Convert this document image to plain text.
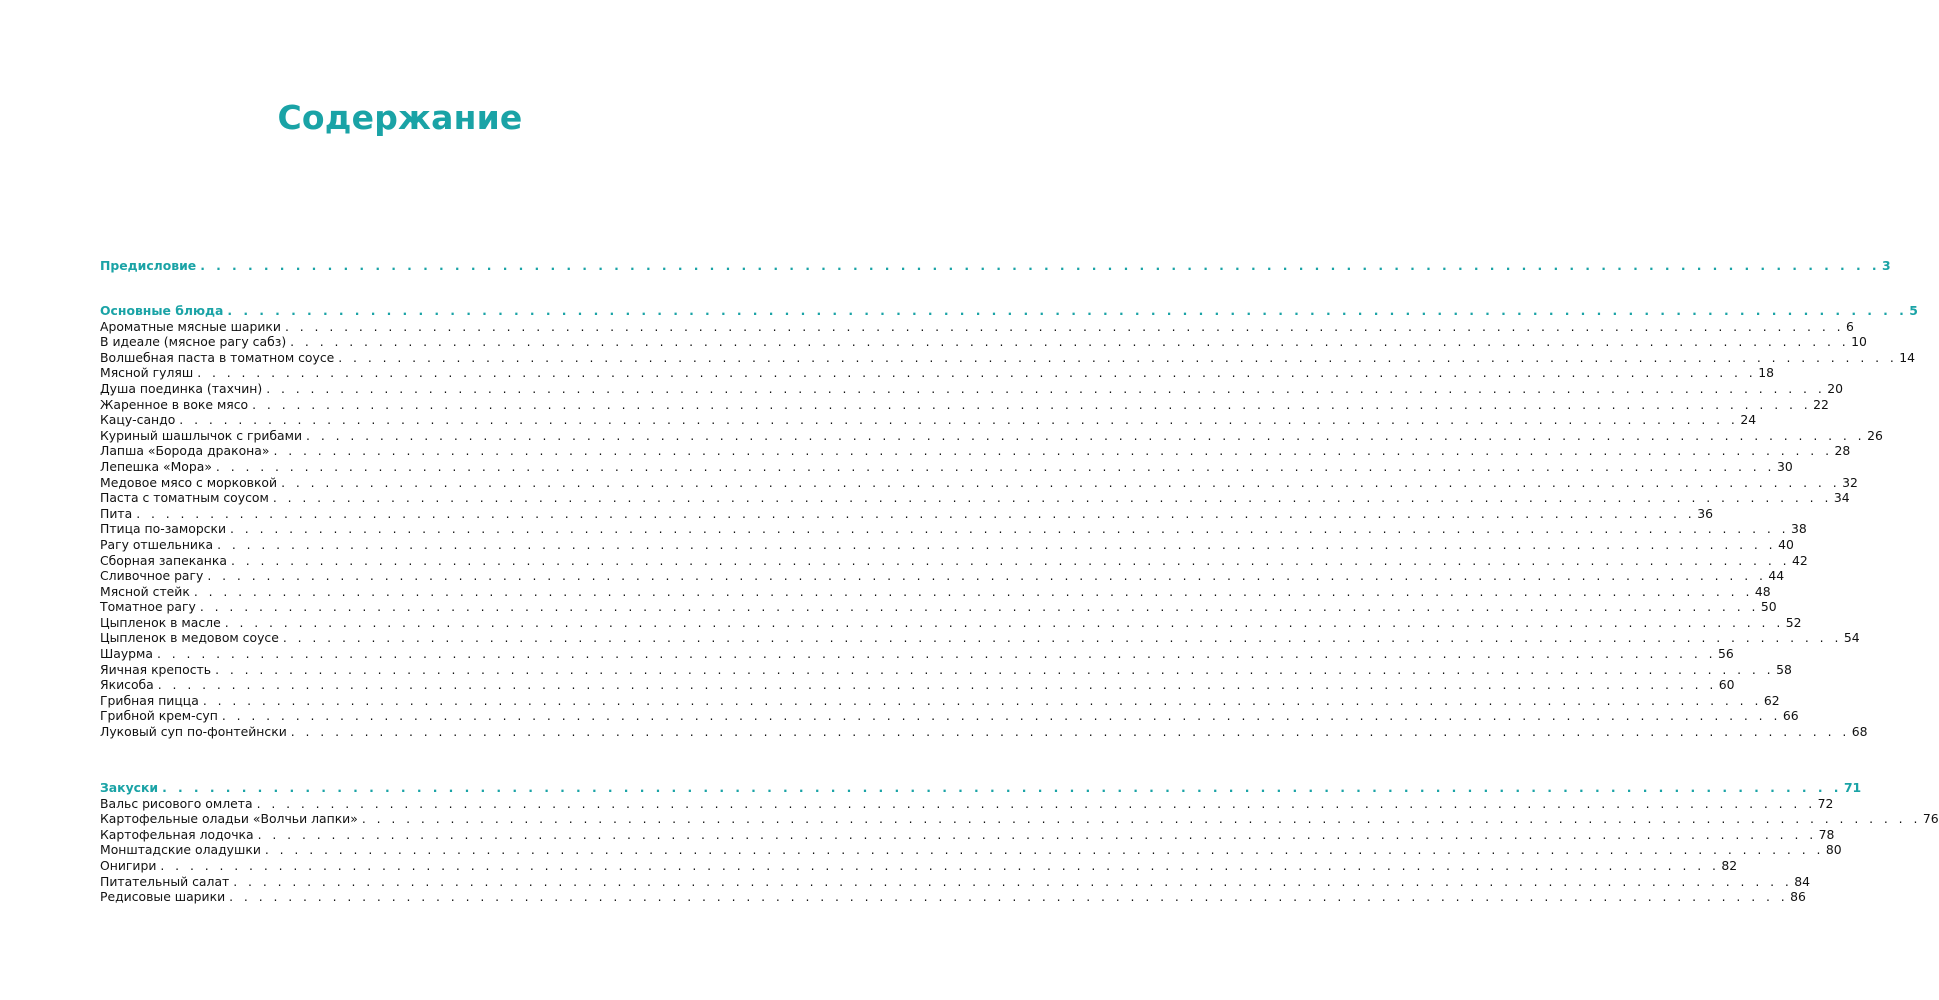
Содержание
Предисловие . . . . . . . . . . . . . . . . . . . . . . . . . . . . . . . . . . . . . . . . . . . . . . . . . . . . . . . . . . . . . . . . . . . . . . . . . . . . . . . . . . . . . . . . . . . . . . . . . . . . . . . . . . 3
Основные блюда . . . . . . . . . . . . . . . . . . . . . . . . . . . . . . . . . . . . . . . . . . . . . . . . . . . . . . . . . . . . . . . . . . . . . . . . . . . . . . . . . . . . . . . . . . . . . . . . . . . . . . . . . . 5
Ароматные мясные шарики . . . . . . . . . . . . . . . . . . . . . . . . . . . . . . . . . . . . . . . . . . . . . . . . . . . . . . . . . . . . . . . . . . . . . . . . . . . . . . . . . . . . . . . . . . . . . . . . . . . . . . . . . . 6
В идеале (мясное рагу сабз) . . . . . . . . . . . . . . . . . . . . . . . . . . . . . . . . . . . . . . . . . . . . . . . . . . . . . . . . . . . . . . . . . . . . . . . . . . . . . . . . . . . . . . . . . . . . . . . . . . . . . . . . . . 10
Волшебная паста в томатном соусе . . . . . . . . . . . . . . . . . . . . . . . . . . . . . . . . . . . . . . . . . . . . . . . . . . . . . . . . . . . . . . . . . . . . . . . . . . . . . . . . . . . . . . . . . . . . . . . . . . . . . . . . . . 14
Мясной гуляш . . . . . . . . . . . . . . . . . . . . . . . . . . . . . . . . . . . . . . . . . . . . . . . . . . . . . . . . . . . . . . . . . . . . . . . . . . . . . . . . . . . . . . . . . . . . . . . . . . . . . . . . . . 18
Душа поединка (тахчин) . . . . . . . . . . . . . . . . . . . . . . . . . . . . . . . . . . . . . . . . . . . . . . . . . . . . . . . . . . . . . . . . . . . . . . . . . . . . . . . . . . . . . . . . . . . . . . . . . . . . . . . . . . 20
Жаренное в воке мясо . . . . . . . . . . . . . . . . . . . . . . . . . . . . . . . . . . . . . . . . . . . . . . . . . . . . . . . . . . . . . . . . . . . . . . . . . . . . . . . . . . . . . . . . . . . . . . . . . . . . . . . . . . 22
Кацу-сандо . . . . . . . . . . . . . . . . . . . . . . . . . . . . . . . . . . . . . . . . . . . . . . . . . . . . . . . . . . . . . . . . . . . . . . . . . . . . . . . . . . . . . . . . . . . . . . . . . . . . . . . . . . 24
Куриный шашлычок с грибами . . . . . . . . . . . . . . . . . . . . . . . . . . . . . . . . . . . . . . . . . . . . . . . . . . . . . . . . . . . . . . . . . . . . . . . . . . . . . . . . . . . . . . . . . . . . . . . . . . . . . . . . . . 26
Лапша «Борода дракона» . . . . . . . . . . . . . . . . . . . . . . . . . . . . . . . . . . . . . . . . . . . . . . . . . . . . . . . . . . . . . . . . . . . . . . . . . . . . . . . . . . . . . . . . . . . . . . . . . . . . . . . . . . 28
Лепешка «Мора» . . . . . . . . . . . . . . . . . . . . . . . . . . . . . . . . . . . . . . . . . . . . . . . . . . . . . . . . . . . . . . . . . . . . . . . . . . . . . . . . . . . . . . . . . . . . . . . . . . . . . . . . . . 30
Медовое мясо с морковкой . . . . . . . . . . . . . . . . . . . . . . . . . . . . . . . . . . . . . . . . . . . . . . . . . . . . . . . . . . . . . . . . . . . . . . . . . . . . . . . . . . . . . . . . . . . . . . . . . . . . . . . . . . 32
Паста с томатным соусом . . . . . . . . . . . . . . . . . . . . . . . . . . . . . . . . . . . . . . . . . . . . . . . . . . . . . . . . . . . . . . . . . . . . . . . . . . . . . . . . . . . . . . . . . . . . . . . . . . . . . . . . . . 34
Пита . . . . . . . . . . . . . . . . . . . . . . . . . . . . . . . . . . . . . . . . . . . . . . . . . . . . . . . . . . . . . . . . . . . . . . . . . . . . . . . . . . . . . . . . . . . . . . . . . . . . . . . . . . 36
Птица по-заморски . . . . . . . . . . . . . . . . . . . . . . . . . . . . . . . . . . . . . . . . . . . . . . . . . . . . . . . . . . . . . . . . . . . . . . . . . . . . . . . . . . . . . . . . . . . . . . . . . . . . . . . . . . 38
Рагу отшельника . . . . . . . . . . . . . . . . . . . . . . . . . . . . . . . . . . . . . . . . . . . . . . . . . . . . . . . . . . . . . . . . . . . . . . . . . . . . . . . . . . . . . . . . . . . . . . . . . . . . . . . . . . 40
Сборная запеканка . . . . . . . . . . . . . . . . . . . . . . . . . . . . . . . . . . . . . . . . . . . . . . . . . . . . . . . . . . . . . . . . . . . . . . . . . . . . . . . . . . . . . . . . . . . . . . . . . . . . . . . . . . 42
Сливочное рагу . . . . . . . . . . . . . . . . . . . . . . . . . . . . . . . . . . . . . . . . . . . . . . . . . . . . . . . . . . . . . . . . . . . . . . . . . . . . . . . . . . . . . . . . . . . . . . . . . . . . . . . . . . 44
Мясной стейк . . . . . . . . . . . . . . . . . . . . . . . . . . . . . . . . . . . . . . . . . . . . . . . . . . . . . . . . . . . . . . . . . . . . . . . . . . . . . . . . . . . . . . . . . . . . . . . . . . . . . . . . . . 48
Томатное рагу . . . . . . . . . . . . . . . . . . . . . . . . . . . . . . . . . . . . . . . . . . . . . . . . . . . . . . . . . . . . . . . . . . . . . . . . . . . . . . . . . . . . . . . . . . . . . . . . . . . . . . . . . . 50
Цыпленок в масле . . . . . . . . . . . . . . . . . . . . . . . . . . . . . . . . . . . . . . . . . . . . . . . . . . . . . . . . . . . . . . . . . . . . . . . . . . . . . . . . . . . . . . . . . . . . . . . . . . . . . . . . . . 52
Цыпленок в медовом соусе . . . . . . . . . . . . . . . . . . . . . . . . . . . . . . . . . . . . . . . . . . . . . . . . . . . . . . . . . . . . . . . . . . . . . . . . . . . . . . . . . . . . . . . . . . . . . . . . . . . . . . . . . . 54
Шаурма . . . . . . . . . . . . . . . . . . . . . . . . . . . . . . . . . . . . . . . . . . . . . . . . . . . . . . . . . . . . . . . . . . . . . . . . . . . . . . . . . . . . . . . . . . . . . . . . . . . . . . . . . . 56
Яичная крепость . . . . . . . . . . . . . . . . . . . . . . . . . . . . . . . . . . . . . . . . . . . . . . . . . . . . . . . . . . . . . . . . . . . . . . . . . . . . . . . . . . . . . . . . . . . . . . . . . . . . . . . . . . 58
Якисоба . . . . . . . . . . . . . . . . . . . . . . . . . . . . . . . . . . . . . . . . . . . . . . . . . . . . . . . . . . . . . . . . . . . . . . . . . . . . . . . . . . . . . . . . . . . . . . . . . . . . . . . . . . 60
Грибная пицца . . . . . . . . . . . . . . . . . . . . . . . . . . . . . . . . . . . . . . . . . . . . . . . . . . . . . . . . . . . . . . . . . . . . . . . . . . . . . . . . . . . . . . . . . . . . . . . . . . . . . . . . . . 62
Грибной крем-суп . . . . . . . . . . . . . . . . . . . . . . . . . . . . . . . . . . . . . . . . . . . . . . . . . . . . . . . . . . . . . . . . . . . . . . . . . . . . . . . . . . . . . . . . . . . . . . . . . . . . . . . . . . 66
Луковый суп по-фонтейнски . . . . . . . . . . . . . . . . . . . . . . . . . . . . . . . . . . . . . . . . . . . . . . . . . . . . . . . . . . . . . . . . . . . . . . . . . . . . . . . . . . . . . . . . . . . . . . . . . . . . . . . . . . 68
Закуски . . . . . . . . . . . . . . . . . . . . . . . . . . . . . . . . . . . . . . . . . . . . . . . . . . . . . . . . . . . . . . . . . . . . . . . . . . . . . . . . . . . . . . . . . . . . . . . . . . . . . . . . . . 71
Вальс рисового омлета . . . . . . . . . . . . . . . . . . . . . . . . . . . . . . . . . . . . . . . . . . . . . . . . . . . . . . . . . . . . . . . . . . . . . . . . . . . . . . . . . . . . . . . . . . . . . . . . . . . . . . . . . . 72
Картофельные оладьи «Волчьи лапки» . . . . . . . . . . . . . . . . . . . . . . . . . . . . . . . . . . . . . . . . . . . . . . . . . . . . . . . . . . . . . . . . . . . . . . . . . . . . . . . . . . . . . . . . . . . . . . . . . . . . . . . . . . 76
Картофельная лодочка . . . . . . . . . . . . . . . . . . . . . . . . . . . . . . . . . . . . . . . . . . . . . . . . . . . . . . . . . . . . . . . . . . . . . . . . . . . . . . . . . . . . . . . . . . . . . . . . . . . . . . . . . . 78
Монштадские оладушки . . . . . . . . . . . . . . . . . . . . . . . . . . . . . . . . . . . . . . . . . . . . . . . . . . . . . . . . . . . . . . . . . . . . . . . . . . . . . . . . . . . . . . . . . . . . . . . . . . . . . . . . . . 80
Онигири . . . . . . . . . . . . . . . . . . . . . . . . . . . . . . . . . . . . . . . . . . . . . . . . . . . . . . . . . . . . . . . . . . . . . . . . . . . . . . . . . . . . . . . . . . . . . . . . . . . . . . . . . . 82
Питательный салат . . . . . . . . . . . . . . . . . . . . . . . . . . . . . . . . . . . . . . . . . . . . . . . . . . . . . . . . . . . . . . . . . . . . . . . . . . . . . . . . . . . . . . . . . . . . . . . . . . . . . . . . . . 84
Редисовые шарики . . . . . . . . . . . . . . . . . . . . . . . . . . . . . . . . . . . . . . . . . . . . . . . . . . . . . . . . . . . . . . . . . . . . . . . . . . . . . . . . . . . . . . . . . . . . . . . . . . . . . . . . . . 86
